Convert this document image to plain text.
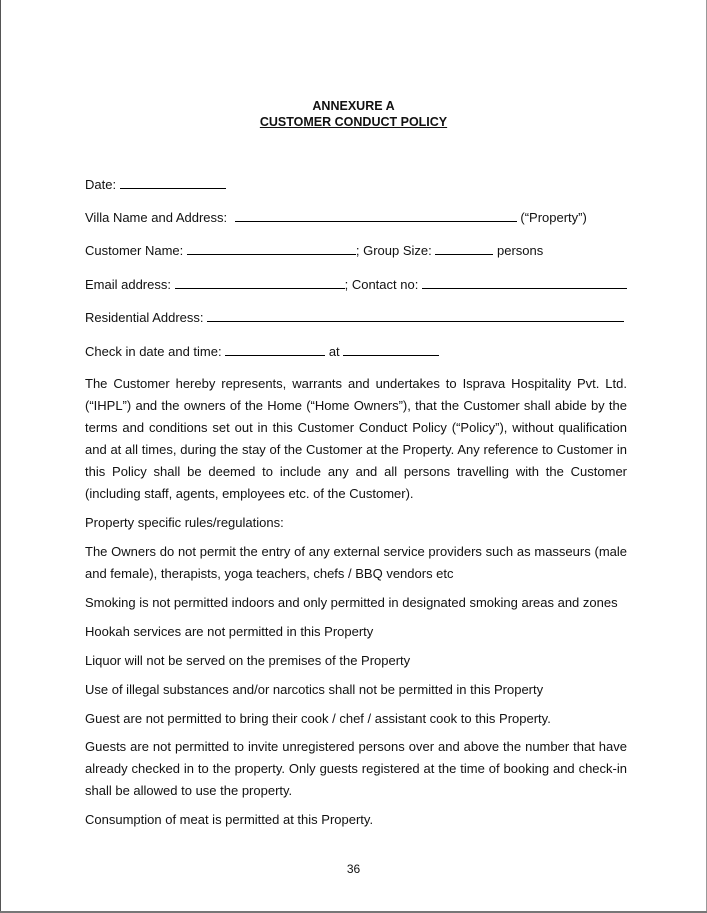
ANNEXURE A
CUSTOMER CONDUCT POLICY
Date:
Villa Name and Address:	(“Property”)
Customer Name:	; Group Size:	persons
Email address:	; Contact no:
Residential Address:
Check in date and time:	at
The Customer hereby represents, warrants and undertakes to Isprava Hospitality Pvt. Ltd. (“IHPL”) and the owners of the Home (“Home Owners”), that the Customer shall abide by the terms and conditions set out in this Customer Conduct Policy (“Policy”), without qualification and at all times, during the stay of the Customer at the Property. Any reference to Customer in this Policy shall be deemed to include any and all persons travelling with the Customer (including staff, agents, employees etc. of the Customer).
Property specific rules/regulations:
The Owners do not permit the entry of any external service providers such as masseurs (male and female), therapists, yoga teachers, chefs / BBQ vendors etc
Smoking is not permitted indoors and only permitted in designated smoking areas and zones
Hookah services are not permitted in this Property
Liquor will not be served on the premises of the Property
Use of illegal substances and/or narcotics shall not be permitted in this Property
Guest are not permitted to bring their cook / chef / assistant cook to this Property.
Guests are not permitted to invite unregistered persons over and above the number that have already checked in to the property. Only guests registered at the time of booking and check-in shall be allowed to use the property.
Consumption of meat is permitted at this Property.
36
